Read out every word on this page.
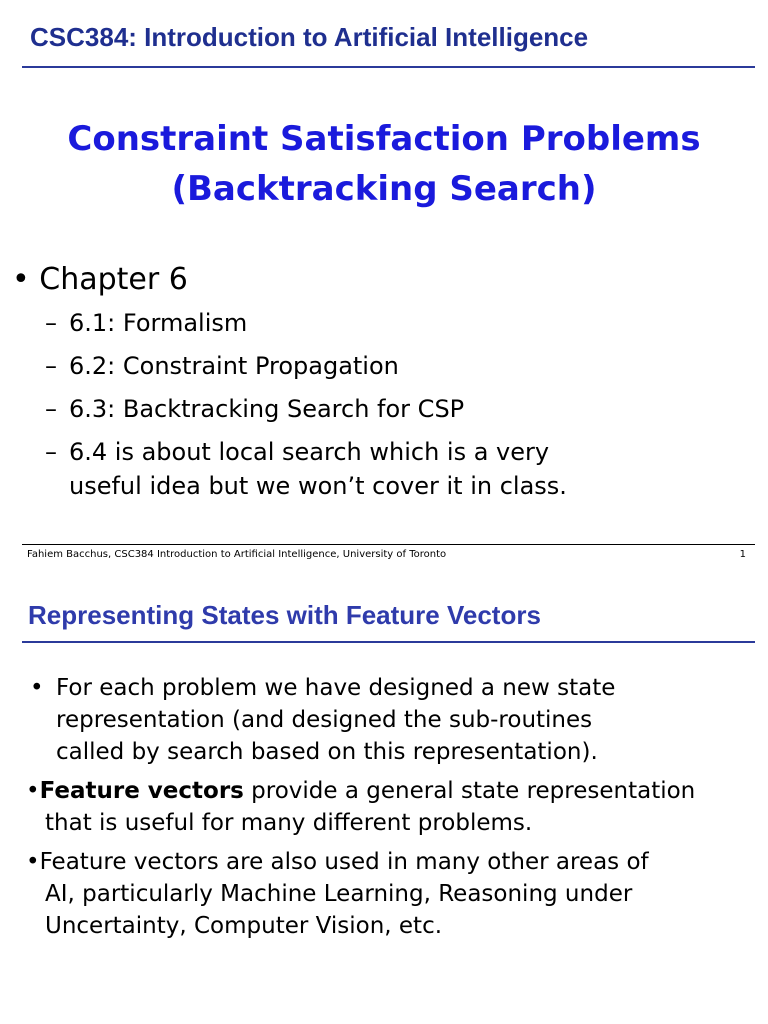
CSC384: Introduction to Artificial Intelligence
Constraint Satisfaction Problems
(Backtracking Search)
• Chapter 6
– 6.1: Formalism
– 6.2: Constraint Propagation
– 6.3: Backtracking Search for CSP
– 6.4 is about local search which is a very
useful idea but we won’t cover it in class.
Fahiem Bacchus, CSC384 Introduction to Artificial Intelligence, University of Toronto	1
Representing States with Feature Vectors
• For each problem we have designed a new state
representation (and designed the sub-routines
called by search based on this representation).
•Feature vectors provide a general state representation
that is useful for many different problems.
•Feature vectors are also used in many other areas of
AI, particularly Machine Learning, Reasoning under
Uncertainty, Computer Vision, etc.
